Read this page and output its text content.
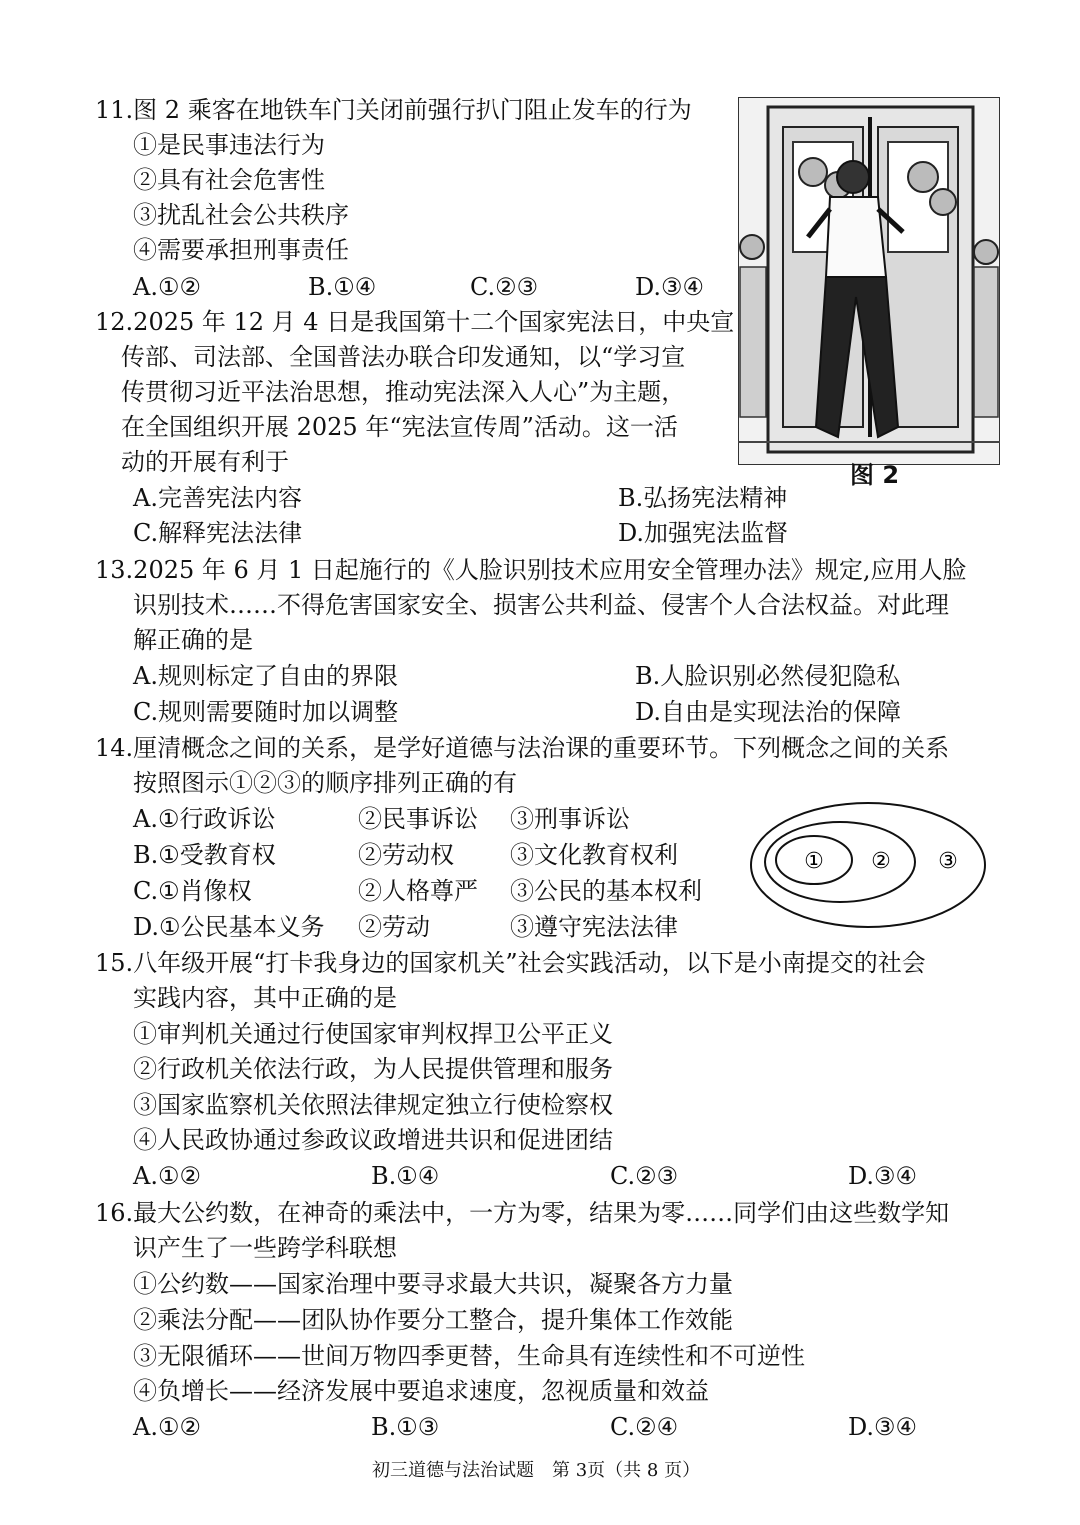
11.图 2 乘客在地铁车门关闭前强行扒门阻止发车的行为
①是民事违法行为
②具有社会危害性
③扰乱社会公共秩序
④需要承担刑事责任
A.①②	B.①④	C.②③	D.③④
图 2
12.2025 年 12 月 4 日是我国第十二个国家宪法日，中央宣
传部、司法部、全国普法办联合印发通知，以“学习宣
传贯彻习近平法治思想，推动宪法深入人心”为主题，
在全国组织开展 2025 年“宪法宣传周”活动。这一活
动的开展有利于
A.完善宪法内容	B.弘扬宪法精神
C.解释宪法法律	D.加强宪法监督
13.2025 年 6 月 1 日起施行的《人脸识别技术应用安全管理办法》规定,应用人脸
识别技术……不得危害国家安全、损害公共利益、侵害个人合法权益。对此理
解正确的是
A.规则标定了自由的界限	B.人脸识别必然侵犯隐私
C.规则需要随时加以调整	D.自由是实现法治的保障
14.厘清概念之间的关系，是学好道德与法治课的重要环节。下列概念之间的关系
按照图示①②③的顺序排列正确的有
A.①行政诉讼	②民事诉讼 ③刑事诉讼
B.①受教育权	②劳动权 ③文化教育权利
C.①肖像权	②人格尊严 ③公民的基本权利
D.①公民基本义务 ②劳动	③遵守宪法法律
① ② ③
15.八年级开展“打卡我身边的国家机关”社会实践活动，以下是小南提交的社会
实践内容，其中正确的是
①审判机关通过行使国家审判权捍卫公平正义
②行政机关依法行政，为人民提供管理和服务
③国家监察机关依照法律规定独立行使检察权
④人民政协通过参政议政增进共识和促进团结
A.①②	B.①④	C.②③	D.③④
16.最大公约数，在神奇的乘法中，一方为零，结果为零……同学们由这些数学知
识产生了一些跨学科联想
①公约数——国家治理中要寻求最大共识，凝聚各方力量
②乘法分配——团队协作要分工整合，提升集体工作效能
③无限循环——世间万物四季更替，生命具有连续性和不可逆性
④负增长——经济发展中要追求速度，忽视质量和效益
A.①②	B.①③	C.②④	D.③④
初三道德与法治试题　第 3页（共 8 页）
